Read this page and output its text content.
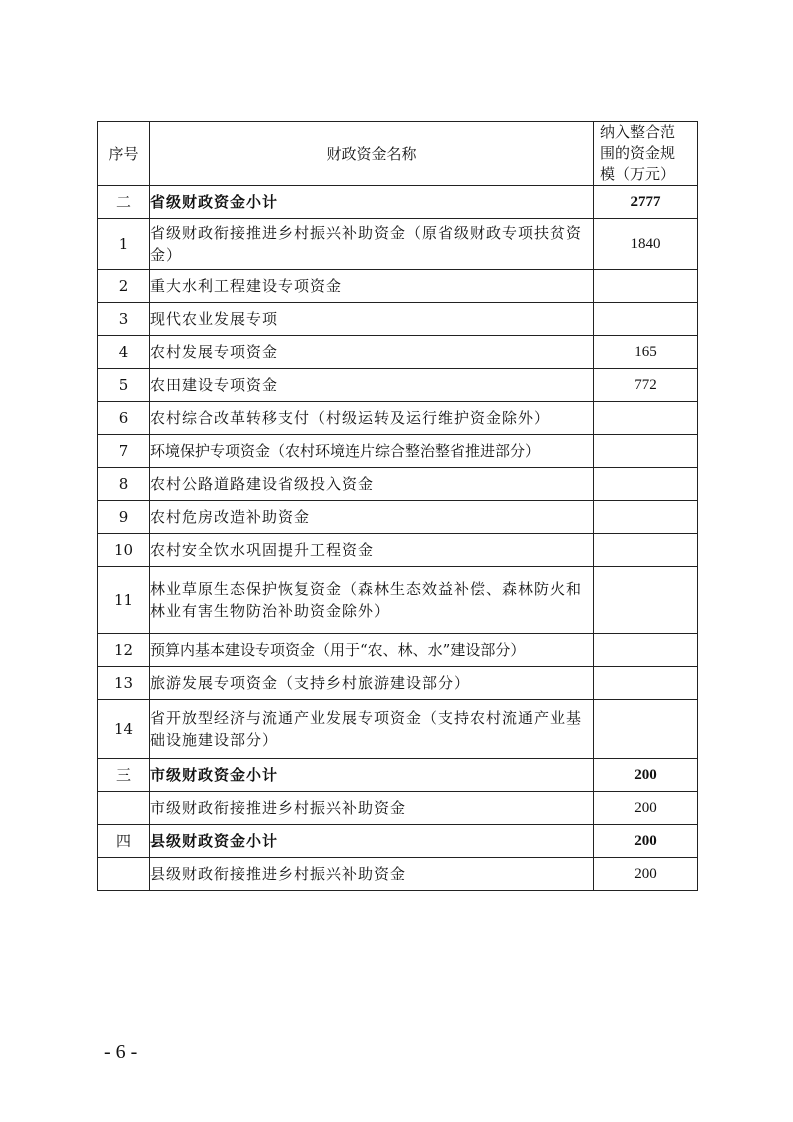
序号	财政资金名称	纳入整合范
围的资金规
模（万元）
二	省级财政资金小计	2777
1	省级财政衔接推进乡村振兴补助资金（原省级财政专项扶贫资金）	1840
2	重大水利工程建设专项资金	
3	现代农业发展专项	
4	农村发展专项资金	165
5	农田建设专项资金	772
6	农村综合改革转移支付（村级运转及运行维护资金除外）	
7	环境保护专项资金（农村环境连片综合整治整省推进部分）	
8	农村公路道路建设省级投入资金	
9	农村危房改造补助资金	
10	农村安全饮水巩固提升工程资金	
11	林业草原生态保护恢复资金（森林生态效益补偿、森林防火和林业有害生物防治补助资金除外）	
12	预算内基本建设专项资金（用于“农、林、水”建设部分）	
13	旅游发展专项资金（支持乡村旅游建设部分）	
14	省开放型经济与流通产业发展专项资金（支持农村流通产业基础设施建设部分）	
三	市级财政资金小计	200
	市级财政衔接推进乡村振兴补助资金	200
四	县级财政资金小计	200
	县级财政衔接推进乡村振兴补助资金	200
- 6 -
